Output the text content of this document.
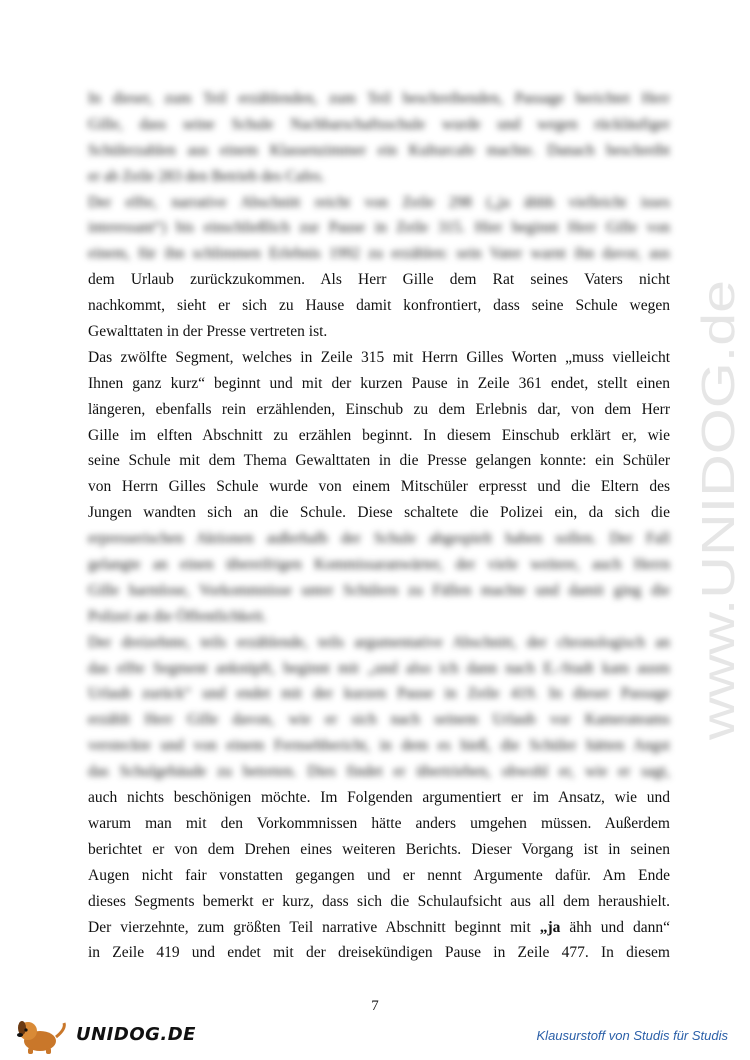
In dieser, zum Teil erzählenden, zum Teil beschreibenden, Passage berichtet Herr
Gille, dass seine Schule Nachbarschaftsschule wurde und wegen rückläufiger
Schülerzahlen aus einem Klassenzimmer ein Kulturcafe machte. Danach beschreibt
er ab Zeile 283 den Betrieb des Cafes.
Der elfte, narrative Abschnitt reicht von Zeile 298 („ja ähhh vielleicht isses
interessant“) bis einschließlich zur Pause in Zeile 315. Hier beginnt Herr Gille von
einem, für ihn schlimmen Erlebnis 1992 zu erzählen: sein Vater warnt ihn davor, aus
dem Urlaub zurückzukommen. Als Herr Gille dem Rat seines Vaters nicht
nachkommt, sieht er sich zu Hause damit konfrontiert, dass seine Schule wegen
Gewalttaten in der Presse vertreten ist.
Das zwölfte Segment, welches in Zeile 315 mit Herrn Gilles Worten „muss vielleicht
Ihnen ganz kurz“ beginnt und mit der kurzen Pause in Zeile 361 endet, stellt einen
längeren, ebenfalls rein erzählenden, Einschub zu dem Erlebnis dar, von dem Herr
Gille im elften Abschnitt zu erzählen beginnt. In diesem Einschub erklärt er, wie
seine Schule mit dem Thema Gewalttaten in die Presse gelangen konnte: ein Schüler
von Herrn Gilles Schule wurde von einem Mitschüler erpresst und die Eltern des
Jungen wandten sich an die Schule. Diese schaltete die Polizei ein, da sich die
erpresserischen Aktionen außerhalb der Schule abgespielt haben sollen. Der Fall
gelangte an einen übereifrigen Kommissaranwärter, der viele weitere, auch Herrn
Gille harmlose, Vorkommnisse unter Schülern zu Fällen machte und damit ging die
Polizei an die Öffentlichkeit.
Der dreizehnte, teils erzählende, teils argumentative Abschnitt, der chronologisch an
das elfte Segment anknüpft, beginnt mit „und also ich dann nach E.-Stadt kam ausm
Urlaub zurück“ und endet mit der kurzen Pause in Zeile 419. In dieser Passage
erzählt Herr Gille davon, wie er sich nach seinem Urlaub vor Kamerateams
versteckte und von einem Fernsehbericht, in dem es hieß, die Schüler hätten Angst
das Schulgebäude zu betreten. Dies findet er übertrieben, obwohl er, wie er sagt,
auch nichts beschönigen möchte. Im Folgenden argumentiert er im Ansatz, wie und
warum man mit den Vorkommnissen hätte anders umgehen müssen. Außerdem
berichtet er von dem Drehen eines weiteren Berichts. Dieser Vorgang ist in seinen
Augen nicht fair vonstatten gegangen und er nennt Argumente dafür. Am Ende
dieses Segments bemerkt er kurz, dass sich die Schulaufsicht aus all dem heraushielt.
Der vierzehnte, zum größten Teil narrative Abschnitt beginnt mit „ja ähh und dann“
in Zeile 419 und endet mit der dreisekündigen Pause in Zeile 477. In diesem
www.UNIDOG.de
7
UNIDOG.DE	Klausurstoff von Studis für Studis
